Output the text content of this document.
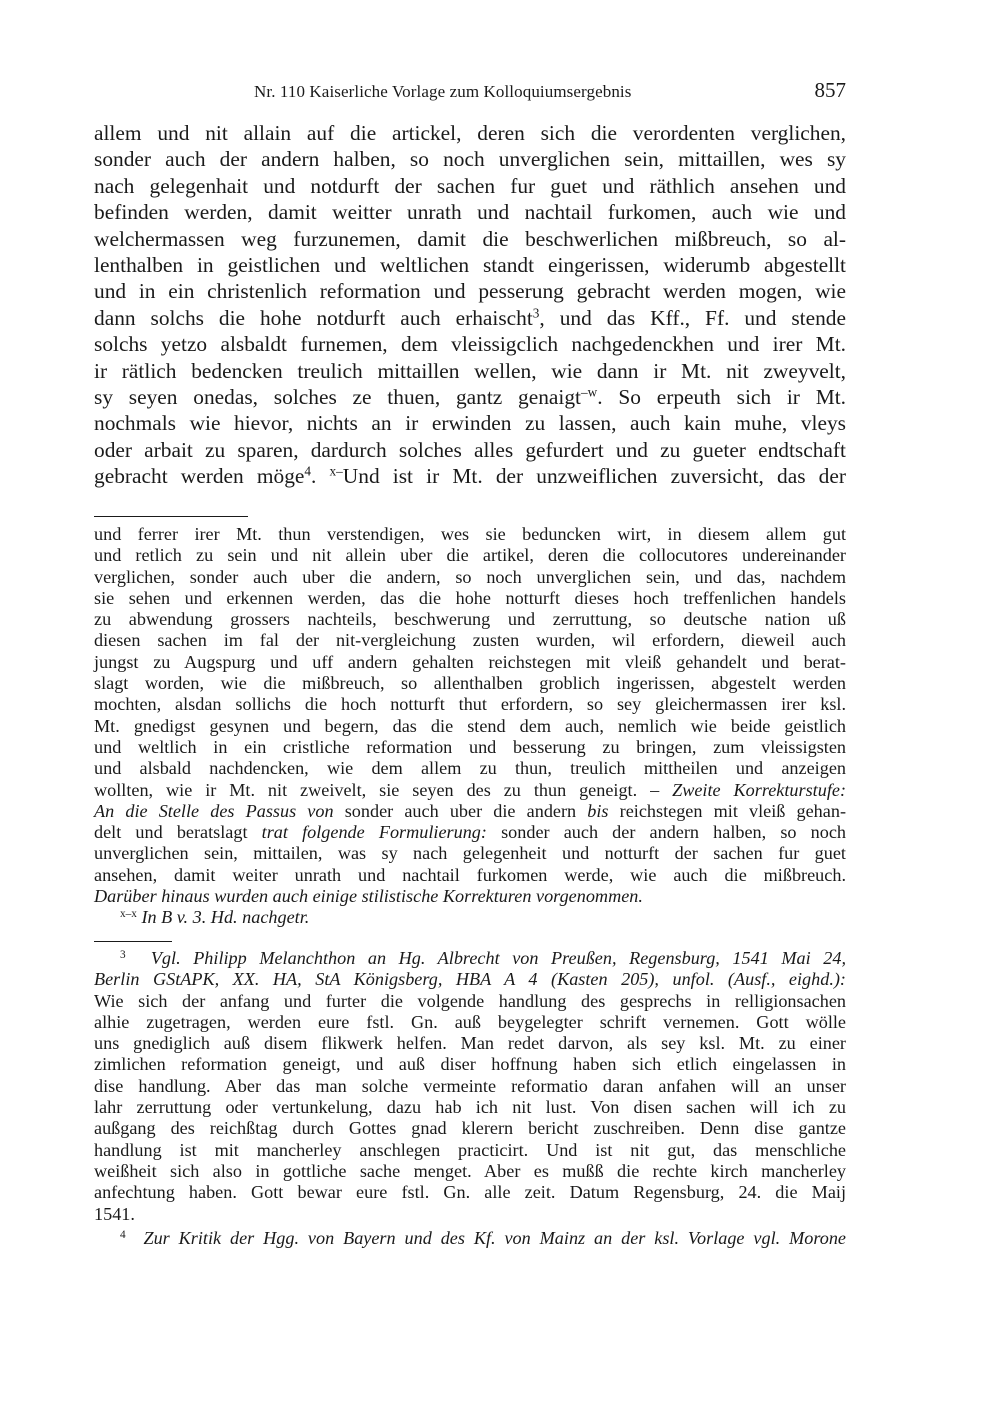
Nr. 110 Kaiserliche Vorlage zum Kolloquiumsergebnis	857
allem und nit allain auf die artickel, deren sich die verordenten verglichen,
sonder auch der andern halben, so noch unverglichen sein, mittaillen, wes sy
nach gelegenhait und notdurft der sachen fur guet und räthlich ansehen und
befinden werden, damit weitter unrath und nachtail furkomen, auch wie und
welchermassen weg furzunemen, damit die beschwerlichen mißbreuch, so al-
lenthalben in geistlichen und weltlichen standt eingerissen, widerumb abgestellt
und in ein christenlich reformation und pesserung gebracht werden mogen, wie
dann solchs die hohe notdurft auch erhaischt$^3$, und das Kff., Ff. und stende
solchs yetzo alsbaldt furnemen, dem vleissigclich nachgedenckhen und irer Mt.
ir rätlich bedencken treulich mittaillen wellen, wie dann ir Mt. nit zweyvelt,
sy seyen onedas, solches ze thuen, gantz genaigt$^{-w}$. So erpeuth sich ir Mt.
nochmals wie hievor, nichts an ir erwinden zu lassen, auch kain muhe, vleys
oder arbait zu sparen, dardurch solches alles gefurdert und zu gueter endtschaft
gebracht werden möge$^4$. $^{x-}$Und ist ir Mt. der unzweiflichen zuversicht, das der
und ferrer irer Mt. thun verstendigen, wes sie beduncken wirt, in diesem allem gut
und retlich zu sein und nit allein uber die artikel, deren die collocutores undereinander
verglichen, sonder auch uber die andern, so noch unverglichen sein, und das, nachdem
sie sehen und erkennen werden, das die hohe notturft dieses hoch treffenlichen handels
zu abwendung grossers nachteils, beschwerung und zerruttung, so deutsche nation uß
diesen sachen im fal der nit-vergleichung zusten wurden, wil erfordern, dieweil auch
jungst zu Augspurg und uff andern gehalten reichstegen mit vleiß gehandelt und berat-
slagt worden, wie die mißbreuch, so allenthalben groblich ingerissen, abgestelt werden
mochten, alsdan sollichs die hoch notturft thut erfordern, so sey gleichermassen irer ksl.
Mt. gnedigst gesynen und begern, das die stend dem auch, nemlich wie beide geistlich
und weltlich in ein cristliche reformation und besserung zu bringen, zum vleissigsten
und alsbald nachdencken, wie dem allem zu thun, treulich mittheilen und anzeigen
wollten, wie ir Mt. nit zweivelt, sie seyen des zu thun geneigt. – Zweite Korrekturstufe:
An die Stelle des Passus von sonder auch uber die andern bis reichstegen mit vleiß gehan-
delt und beratslagt trat folgende Formulierung: sonder auch der andern halben, so noch
unverglichen sein, mittailen, was sy nach gelegenheit und notturft der sachen fur guet
ansehen, damit weiter unrath und nachtail furkomen werde, wie auch die mißbreuch.
Darüber hinaus wurden auch einige stilistische Korrekturen vorgenommen.
$^{x-x}$ In B v. 3. Hd. nachgetr.
$^3$ Vgl. Philipp Melanchthon an Hg. Albrecht von Preußen, Regensburg, 1541 Mai 24,
Berlin GStAPK, XX. HA, StA Königsberg, HBA A 4 (Kasten 205), unfol. (Ausf., eighd.):
Wie sich der anfang und furter die volgende handlung des gesprechs in relligionsachen
alhie zugetragen, werden eure fstl. Gn. auß beygelegter schrift vernemen. Gott wölle
uns gnediglich auß disem flikwerk helfen. Man redet darvon, als sey ksl. Mt. zu einer
zimlichen reformation geneigt, und auß diser hoffnung haben sich etlich eingelassen in
dise handlung. Aber das man solche vermeinte reformatio daran anfahen will an unser
lahr zerruttung oder vertunkelung, dazu hab ich nit lust. Von disen sachen will ich zu
außgang des reichßtag durch Gottes gnad klerern bericht zuschreiben. Denn dise gantze
handlung ist mit mancherley anschlegen practicirt. Und ist nit gut, das menschliche
weißheit sich also in gottliche sache menget. Aber es mußß die rechte kirch mancherley
anfechtung haben. Gott bewar eure fstl. Gn. alle zeit. Datum Regensburg, 24. die Maij
1541.
$^4$ Zur Kritik der Hgg. von Bayern und des Kf. von Mainz an der ksl. Vorlage vgl. Morone
